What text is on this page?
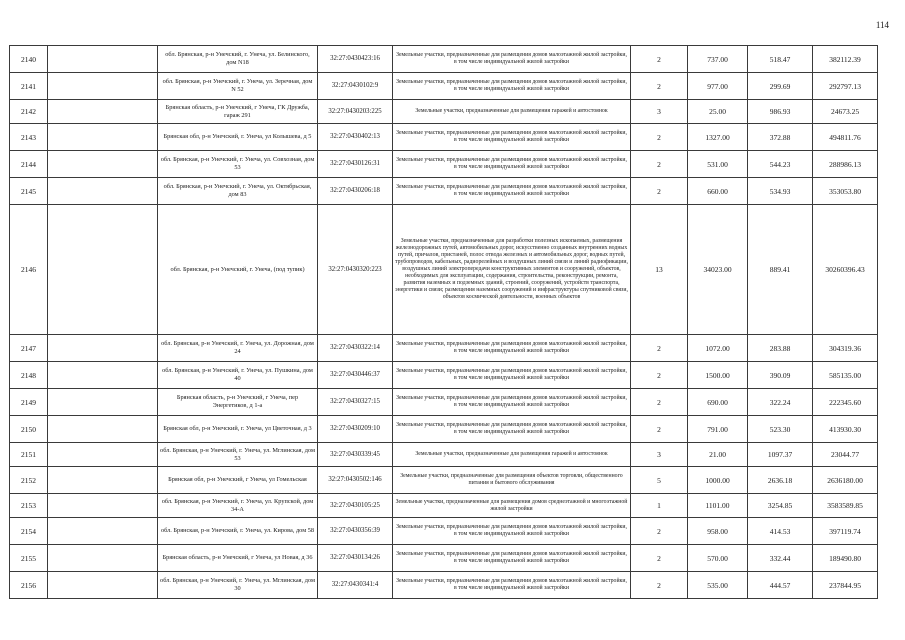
114
2140		обл. Брянская, р-н Унечский, г. Унеча, ул. Белинского, дом N18	32:27:0430423:16	Земельные участки, предназначенные для размещения домов малоэтажной жилой застройки, в том числе индивидуальной жилой застройки	2	737.00	518.47	382112.39
2141		обл. Брянская, р-н Унечский, г. Унеча, ул. Зеречная, дом N 52	32:27:0430102:9	Земельные участки, предназначенные для размещения домов малоэтажной жилой застройки, в том числе индивидуальной жилой застройки	2	977.00	299.69	292797.13
2142		Брянская область, р-н Унечский, г Унеча, ГК Дружба, гараж 291	32:27:0430203:225	Земельные участки, предназначенные для размещения гаражей и автостоянок	3	25.00	986.93	24673.25
2143		Брянская обл, р-н Унечский, г. Унеча, ул Колышева, д 5	32:27:0430402:13	Земельные участки, предназначенные для размещения домов малоэтажной жилой застройки, в том числе индивидуальной жилой застройки	2	1327.00	372.88	494811.76
2144		обл. Брянская, р-н Унечский, г. Унеча, ул. Совхозная, дом 53	32:27:0430126:31	Земельные участки, предназначенные для размещения домов малоэтажной жилой застройки, в том числе индивидуальной жилой застройки	2	531.00	544.23	288986.13
2145		обл. Брянская, р-н Унечский, г. Унеча, ул. Октябрьская, дом 83	32:27:0430206:18	Земельные участки, предназначенные для размещения домов малоэтажной жилой застройки, в том числе индивидуальной жилой застройки	2	660.00	534.93	353053.80
2146		обл. Брянская, р-н Унечский, г. Унеча, (под тупик)	32:27:0430320:223	Земельные участки, предназначенные для разработки полезных ископаемых, размещения железнодорожных путей, автомобильных дорог, искусственно созданных внутренних водных путей, причалов, пристаней, полос отвода железных и автомобильных дорог, водных путей, трубопроводов, кабельных, радиорелейных и воздушных линий связи и линий радиофикации, воздушных линий электропередачи конструктивных элементов и сооружений, объектов, необходимых для эксплуатации, содержания, строительства, реконструкции, ремонта, развития наземных и подземных зданий, строений, сооружений, устройств транспорта, энергетики и связи; размещения наземных сооружений и инфраструктуры спутниковой связи, объектов космической деятельности, военных объектов	13	34023.00	889.41	30260396.43
2147		обл. Брянская, р-н Унечский, г. Унеча, ул. Дорожная, дом 24	32:27:0430322:14	Земельные участки, предназначенные для размещения домов малоэтажной жилой застройки, в том числе индивидуальной жилой застройки	2	1072.00	283.88	304319.36
2148		обл. Брянская, р-н Унечский, г. Унеча, ул. Пушкина, дом 40	32:27:0430446:37	Земельные участки, предназначенные для размещения домов малоэтажной жилой застройки, в том числе индивидуальной жилой застройки	2	1500.00	390.09	585135.00
2149		Брянская область, р-н Унечский, г Унеча, пер Энергетиков, д 1-а	32:27:0430327:15	Земельные участки, предназначенные для размещения домов малоэтажной жилой застройки, в том числе индивидуальной жилой застройки	2	690.00	322.24	222345.60
2150		Брянская обл, р-н Унечский, г. Унеча, ул Цветочная, д 3	32:27:0430209:10	Земельные участки, предназначенные для размещения домов малоэтажной жилой застройки, в том числе индивидуальной жилой застройки	2	791.00	523.30	413930.30
2151		обл. Брянская, р-н Унечский, г. Унеча, ул. Мглинская, дом 53	32:27:0430339:45	Земельные участки, предназначенные для размещения гаражей и автостоянок	3	21.00	1097.37	23044.77
2152		Брянская обл, р-н Унечский, г Унеча, ул Гомельская	32:27:0430502:146	Земельные участки, предназначенные для размещения объектов торговли, общественного питания и бытового обслуживания	5	1000.00	2636.18	2636180.00
2153		обл. Брянская, р-н Унечский, г. Унеча, ул. Крупской, дом 34-А	32:27:0430105:25	Земельные участки, предназначенные для размещения домов среднеэтажной и многоэтажной жилой застройки	1	1101.00	3254.85	3583589.85
2154		обл. Брянская, р-н Унечский, г. Унеча, ул. Кирова, дом 58	32:27:0430356:39	Земельные участки, предназначенные для размещения домов малоэтажной жилой застройки, в том числе индивидуальной жилой застройки	2	958.00	414.53	397119.74
2155		Брянская область, р-н Унечский, г Унеча, ул Новая, д 36	32:27:0430134:26	Земельные участки, предназначенные для размещения домов малоэтажной жилой застройки, в том числе индивидуальной жилой застройки	2	570.00	332.44	189490.80
2156		обл. Брянская, р-н Унечский, г. Унеча, ул. Мглинская, дом 30	32:27:0430341:4	Земельные участки, предназначенные для размещения домов малоэтажной жилой застройки, в том числе индивидуальной жилой застройки	2	535.00	444.57	237844.95
